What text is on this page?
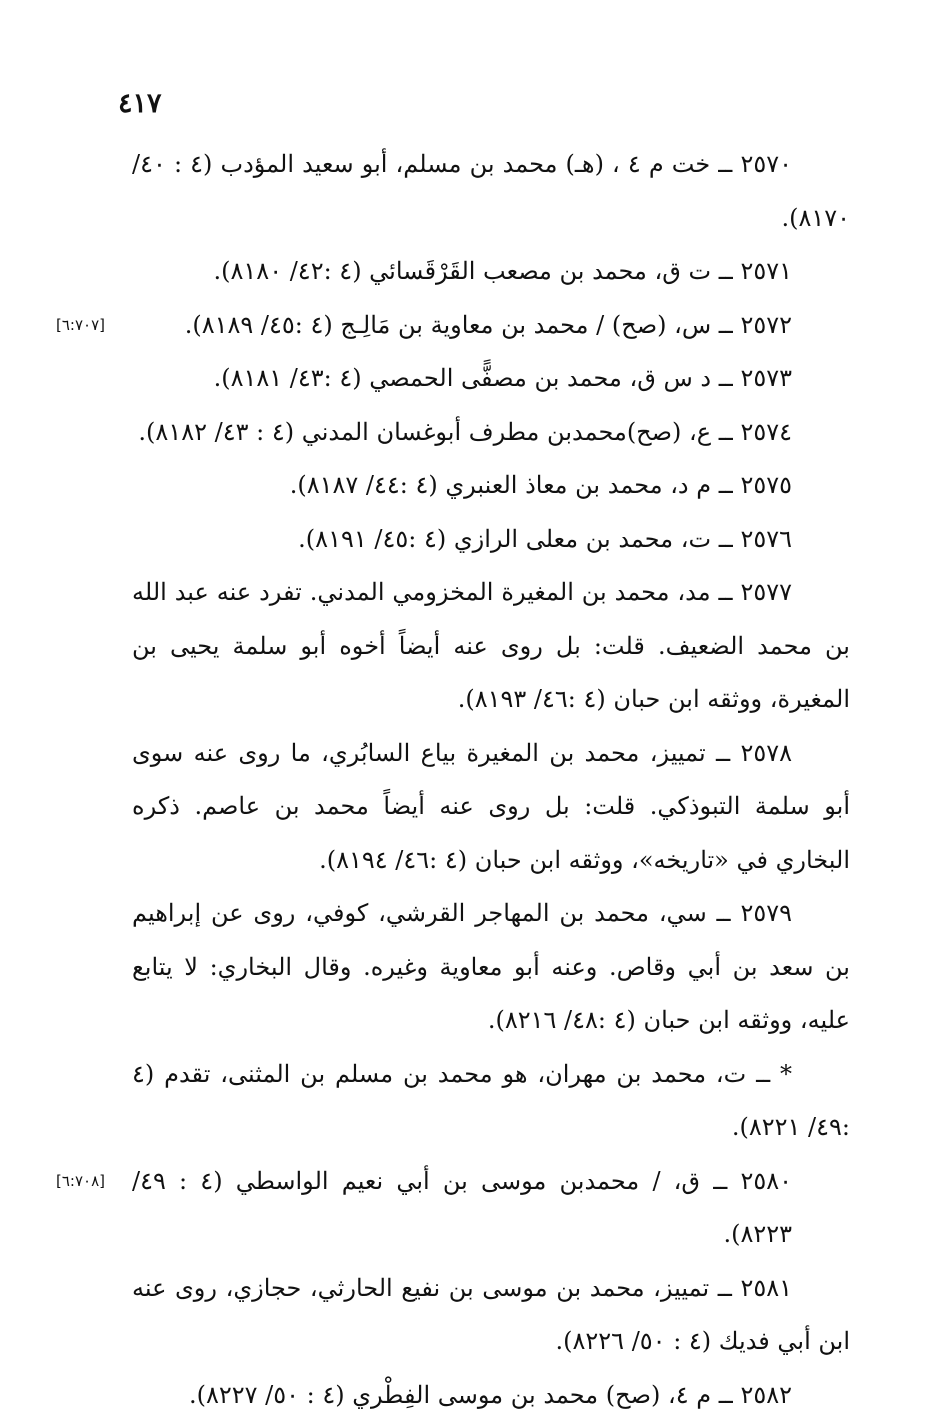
٤١٧

٢٥٧٠ ــ خت م ٤ ، (هـ) محمد بن مسلم، أبو سعيد المؤدب (٤ : ٤٠/ ٨١٧٠).

٢٥٧١ ــ ت ق، محمد بن مصعب القَرْقَسائي (٤ :٤٢/ ٨١٨٠).

٢٥٧٢ ــ س، (صح) / محمد بن معاوية بن مَالِـج (٤ :٤٥/ ٨١٨٩).
[٦:٧٠٧]

٢٥٧٣ ــ د س ق، محمد بن مصفًّى الحمصي (٤ :٤٣/ ٨١٨١).

٢٥٧٤ ــ ع، (صح)محمدبن مطرف أبوغسان المدني (٤ : ٤٣/ ٨١٨٢).

٢٥٧٥ ــ م د، محمد بن معاذ العنبري (٤ :٤٤/ ٨١٨٧).

٢٥٧٦ ــ ت، محمد بن معلى الرازي (٤ :٤٥/ ٨١٩١).

٢٥٧٧ ــ مد، محمد بن المغيرة المخزومي المدني. تفرد عنه عبد الله بن محمد الضعيف. قلت: بل روى عنه أيضاً أخوه أبو سلمة يحيى بن المغيرة، ووثقه ابن حبان (٤ :٤٦/ ٨١٩٣).

٢٥٧٨ ــ تمييز، محمد بن المغيرة بياع السابُري، ما روى عنه سوى أبو سلمة التبوذكي. قلت: بل روى عنه أيضاً محمد بن عاصم. ذكره البخاري في «تاريخه»، ووثقه ابن حبان (٤ :٤٦/ ٨١٩٤).

٢٥٧٩ ــ سي، محمد بن المهاجر القرشي، كوفي، روى عن إبراهيم بن سعد بن أبي وقاص. وعنه أبو معاوية وغيره. وقال البخاري: لا يتابع عليه، ووثقه ابن حبان (٤ :٤٨/ ٨٢١٦).

* ــ ت، محمد بن مهران، هو محمد بن مسلم بن المثنى، تقدم (٤ :٤٩/ ٨٢٢١).

٢٥٨٠ ــ ق، / محمدبن موسى بن أبي نعيم الواسطي (٤ : ٤٩/ ٨٢٢٣).
[٦:٧٠٨]

٢٥٨١ ــ تمييز، محمد بن موسى بن نفيع الحارثي، حجازي، روى عنه ابن أبي فديك (٤ : ٥٠/ ٨٢٢٦).

٢٥٨٢ ــ م ٤، (صح) محمد بن موسى الفِطْري (٤ : ٥٠/ ٨٢٢٧).
